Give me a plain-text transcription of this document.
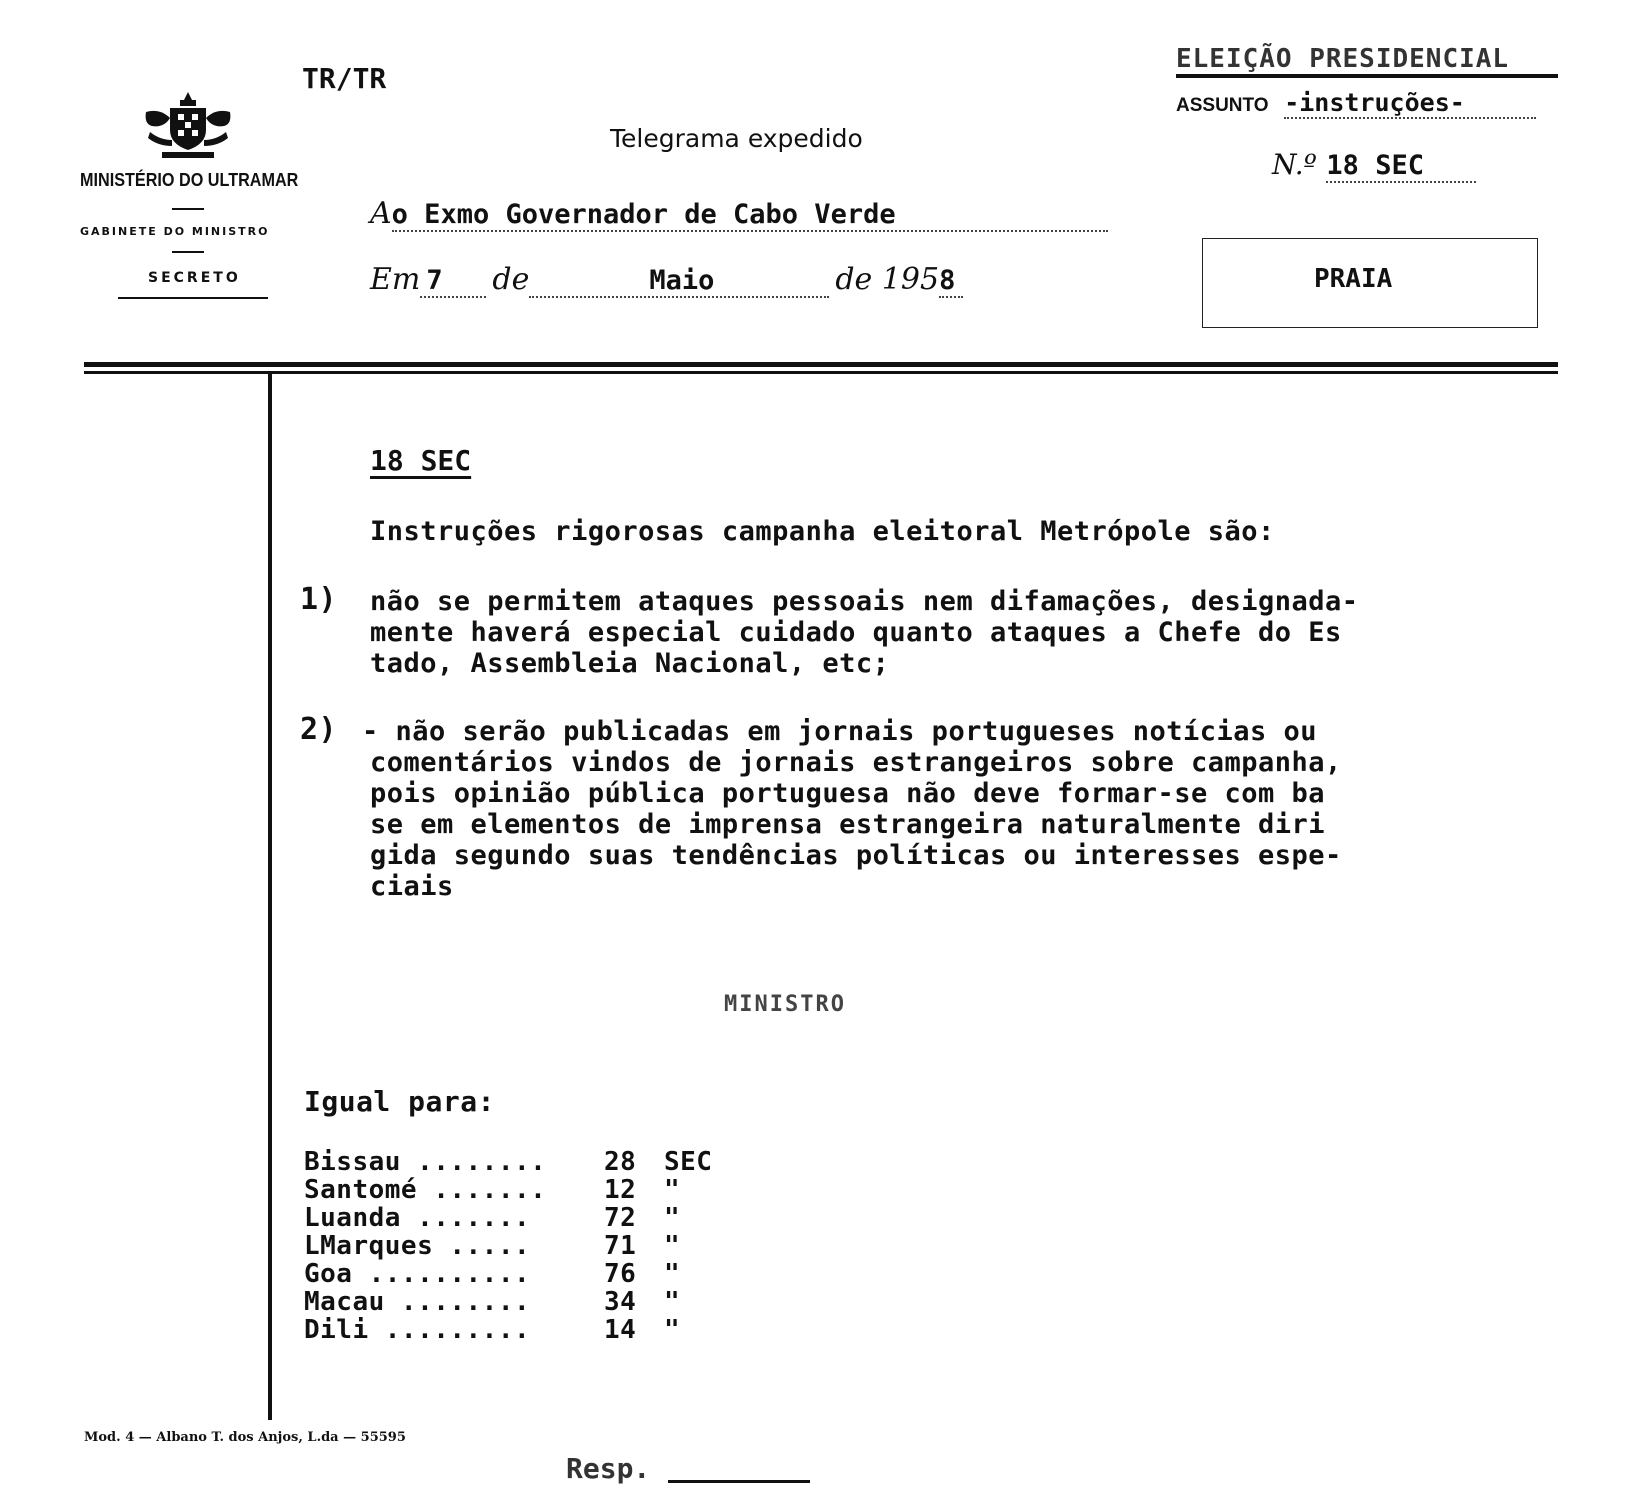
TR/TR
MINISTÉRIO DO ULTRAMAR
GABINETE DO MINISTRO
SECRETO
Telegrama expedido
Ao Exmo Governador de Cabo Verde
Em 7 de	Maio	de 1958
ELEIÇÃO PRESIDENCIAL
ASSUNTO -instruções-
N.º 18 SEC
PRAIA
18 SEC
Instruções rigorosas campanha eleitoral Metrópole são:
1) não se permitem ataques pessoais nem difamações, designada-
mente haverá especial cuidado quanto ataques a Chefe do Es
tado, Assembleia Nacional, etc;
2) - não serão publicadas em jornais portugueses notícias ou
comentários vindos de jornais estrangeiros sobre campanha,
pois opinião pública portuguesa não deve formar-se com ba
se em elementos de imprensa estrangeira naturalmente diri
gida segundo suas tendências políticas ou interesses espe-
ciais
MINISTRO
Igual para:
Bissau ........	28	SEC
Santomé .......	12	"
Luanda .......	72	"
LMarques .....	71	"
Goa ..........	76	"
Macau ........	34	"
Dili .........	14	"
Mod. 4 — Albano T. dos Anjos, L.da — 55595
Resp.
